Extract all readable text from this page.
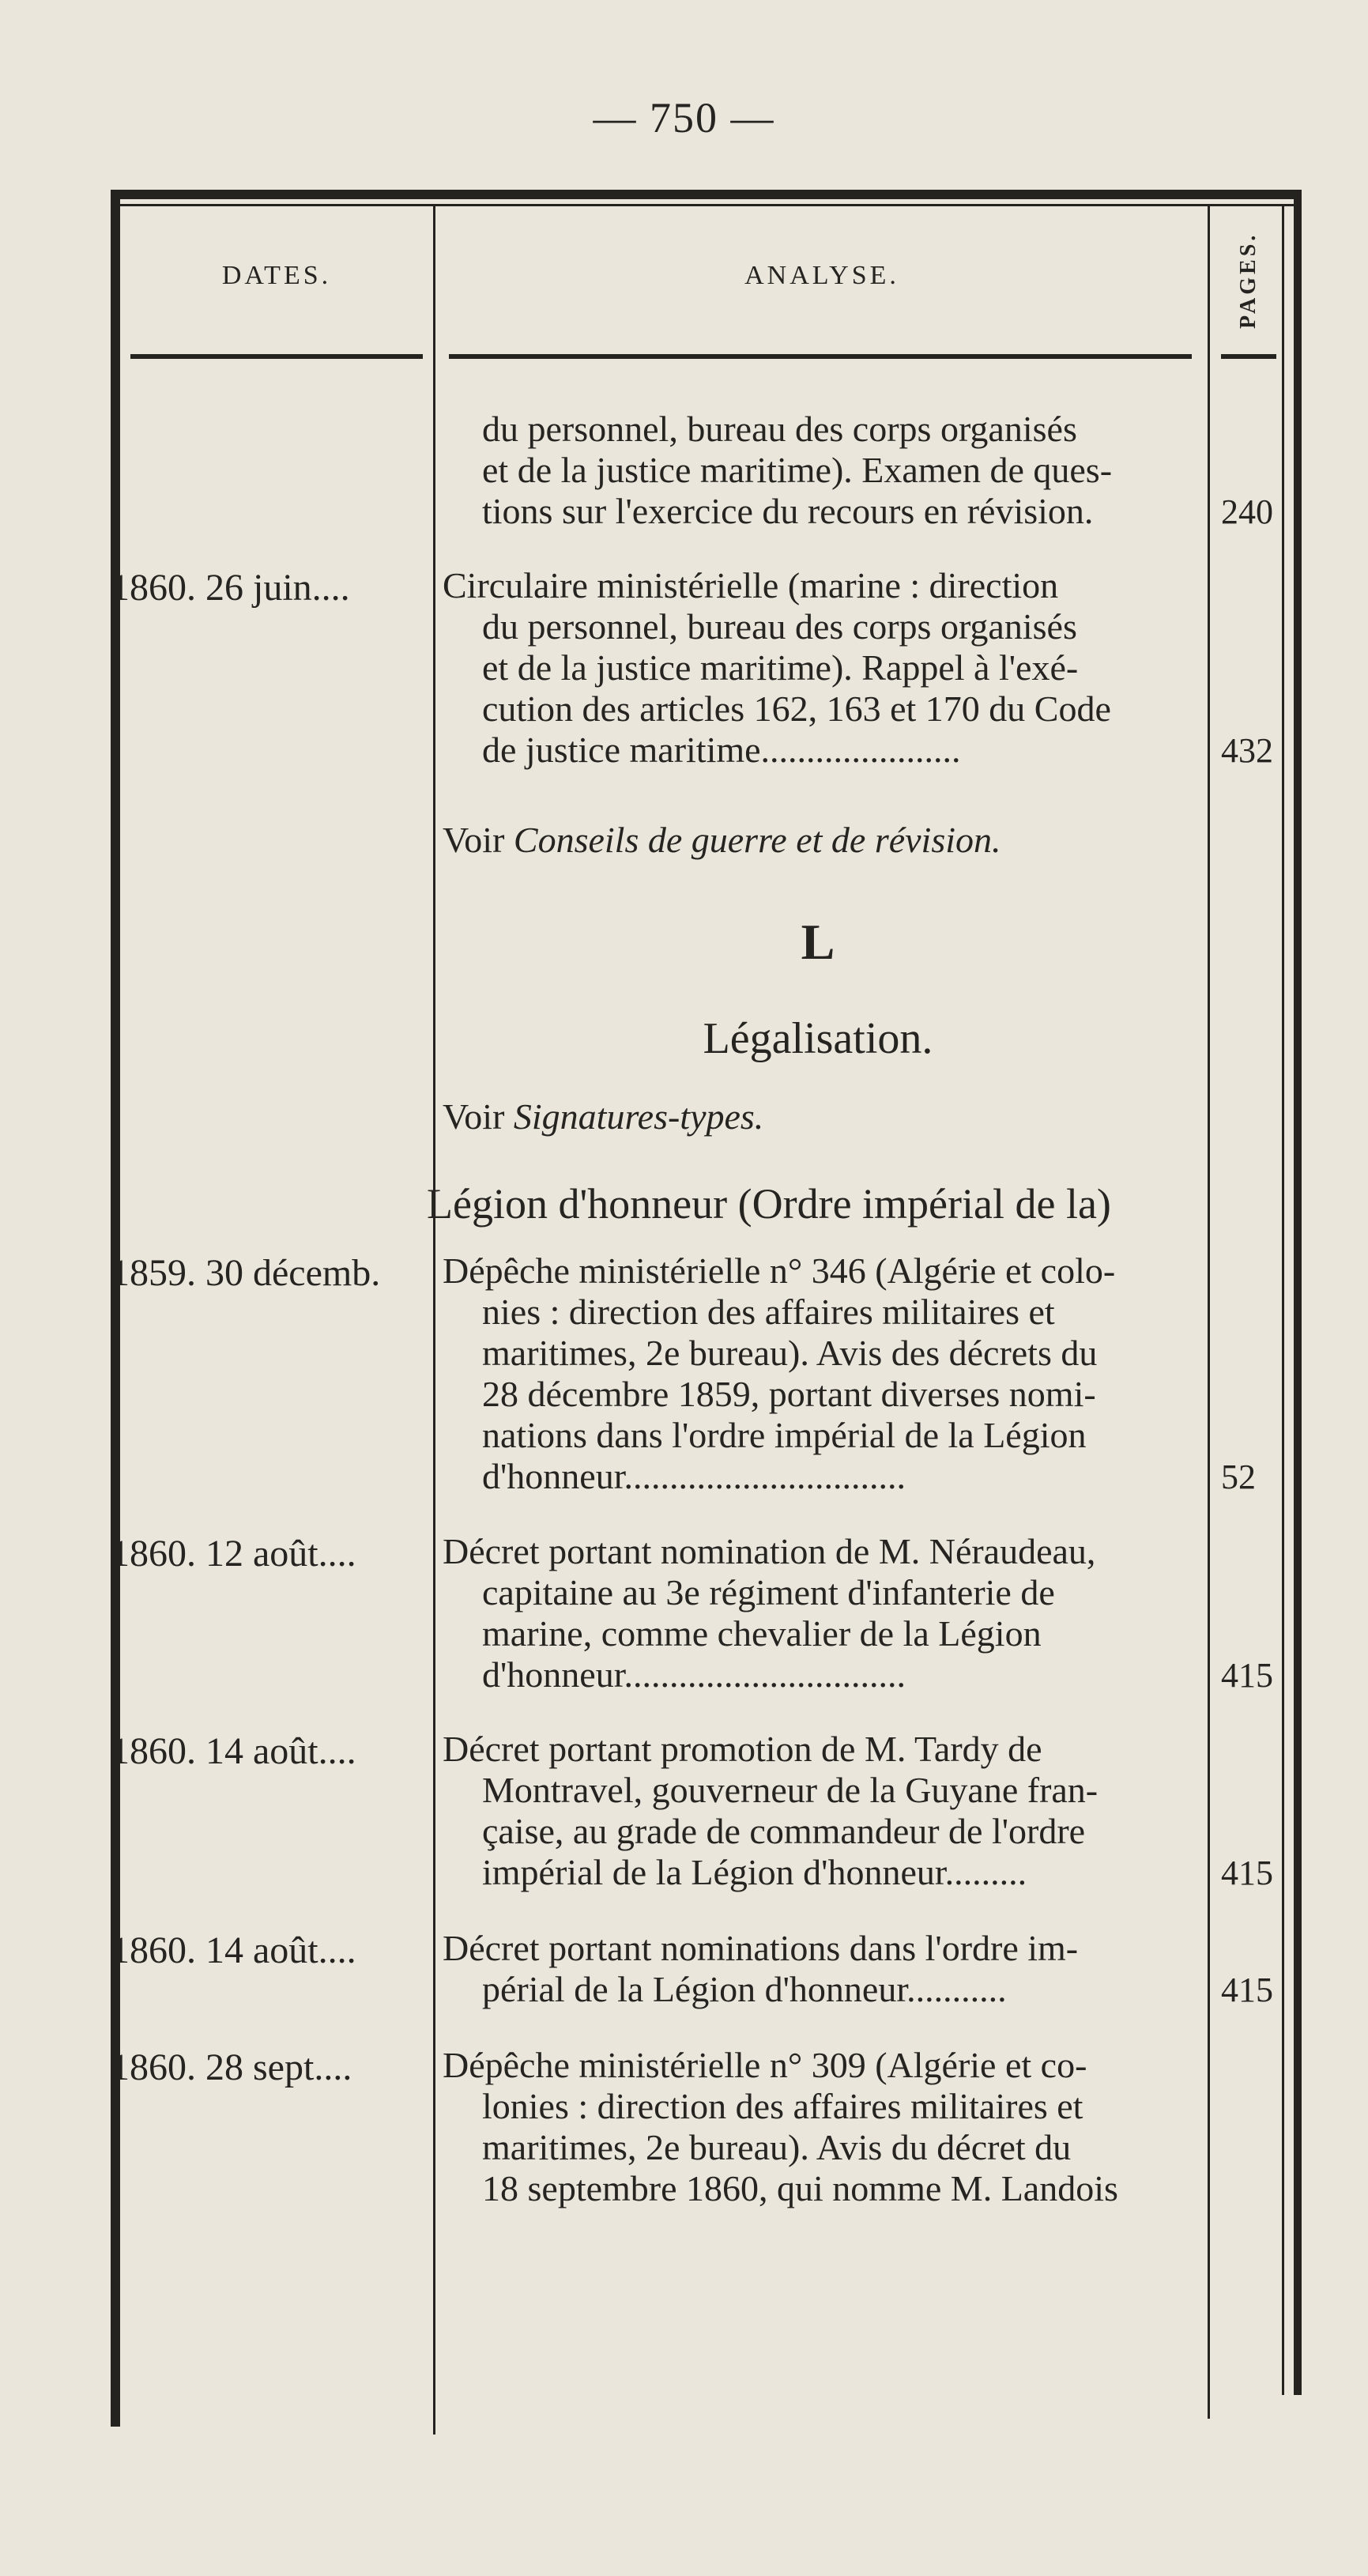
— 750 —
DATES.	ANALYSE.	PAGES.
du personnel, bureau des corps organisés
et de la justice maritime). Examen de ques-
tions sur l'exercice du recours en révision.	240
1860. 26 juin....	Circulaire ministérielle (marine : direction
du personnel, bureau des corps organisés
et de la justice maritime). Rappel à l'exé-
cution des articles 162, 163 et 170 du Code
de justice maritime......................	432
Voir Conseils de guerre et de révision.
L
Légalisation.
Voir Signatures-types.
Légion d'honneur (Ordre impérial de la)
1859. 30 décemb. Dépêche ministérielle n° 346 (Algérie et colo-
nies : direction des affaires militaires et
maritimes, 2e bureau). Avis des décrets du
28 décembre 1859, portant diverses nomi-
nations dans l'ordre impérial de la Légion
d'honneur...............................	52
1860. 12 août.... Décret portant nomination de M. Néraudeau,
capitaine au 3e régiment d'infanterie de
marine, comme chevalier de la Légion
d'honneur...............................	415
1860. 14 août.... Décret portant promotion de M. Tardy de
Montravel, gouverneur de la Guyane fran-
çaise, au grade de commandeur de l'ordre
impérial de la Légion d'honneur.........	415
1860. 14 août.... Décret portant nominations dans l'ordre im-
périal de la Légion d'honneur...........	415
1860. 28 sept.... Dépêche ministérielle n° 309 (Algérie et co-
lonies : direction des affaires militaires et
maritimes, 2e bureau). Avis du décret du
18 septembre 1860, qui nomme M. Landois
